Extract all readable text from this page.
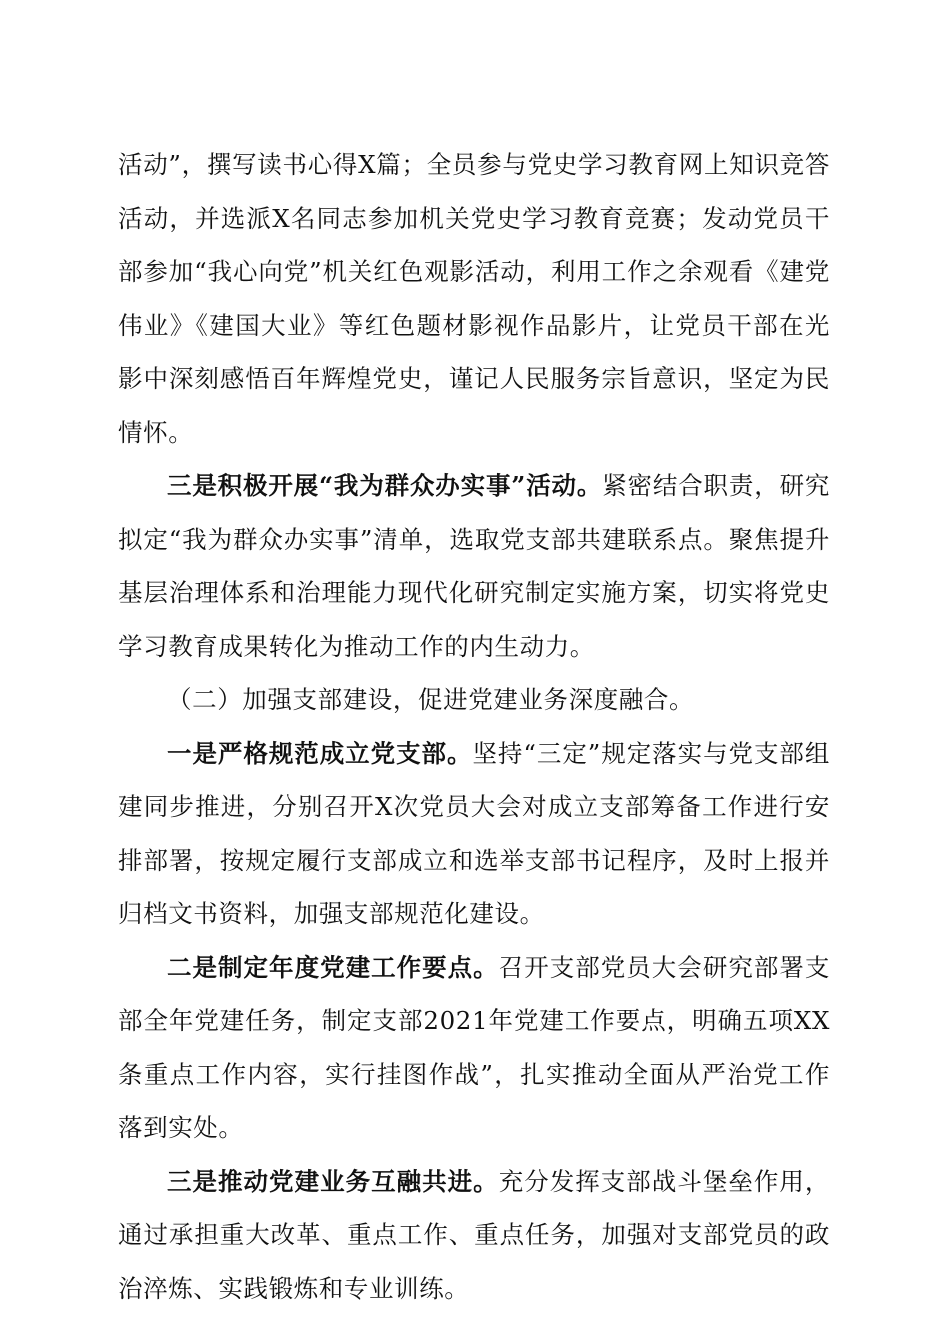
活动”，撰写读书心得X篇；全员参与党史学习教育网上知识竞答活动，并选派X名同志参加机关党史学习教育竞赛；发动党员干部参加“我心向党”机关红色观影活动，利用工作之余观看《建党伟业》《建国大业》等红色题材影视作品影片，让党员干部在光影中深刻感悟百年辉煌党史，谨记人民服务宗旨意识，坚定为民情怀。

三是积极开展“我为群众办实事”活动。紧密结合职责，研究拟定“我为群众办实事”清单，选取党支部共建联系点。聚焦提升基层治理体系和治理能力现代化研究制定实施方案，切实将党史学习教育成果转化为推动工作的内生动力。

（二）加强支部建设，促进党建业务深度融合。

一是严格规范成立党支部。坚持“三定”规定落实与党支部组建同步推进，分别召开X次党员大会对成立支部筹备工作进行安排部署，按规定履行支部成立和选举支部书记程序，及时上报并归档文书资料，加强支部规范化建设。

二是制定年度党建工作要点。召开支部党员大会研究部署支部全年党建任务，制定支部2021年党建工作要点，明确五项XX条重点工作内容，实行挂图作战”，扎实推动全面从严治党工作落到实处。

三是推动党建业务互融共进。充分发挥支部战斗堡垒作用，通过承担重大改革、重点工作、重点任务，加强对支部党员的政治淬炼、实践锻炼和专业训练。
